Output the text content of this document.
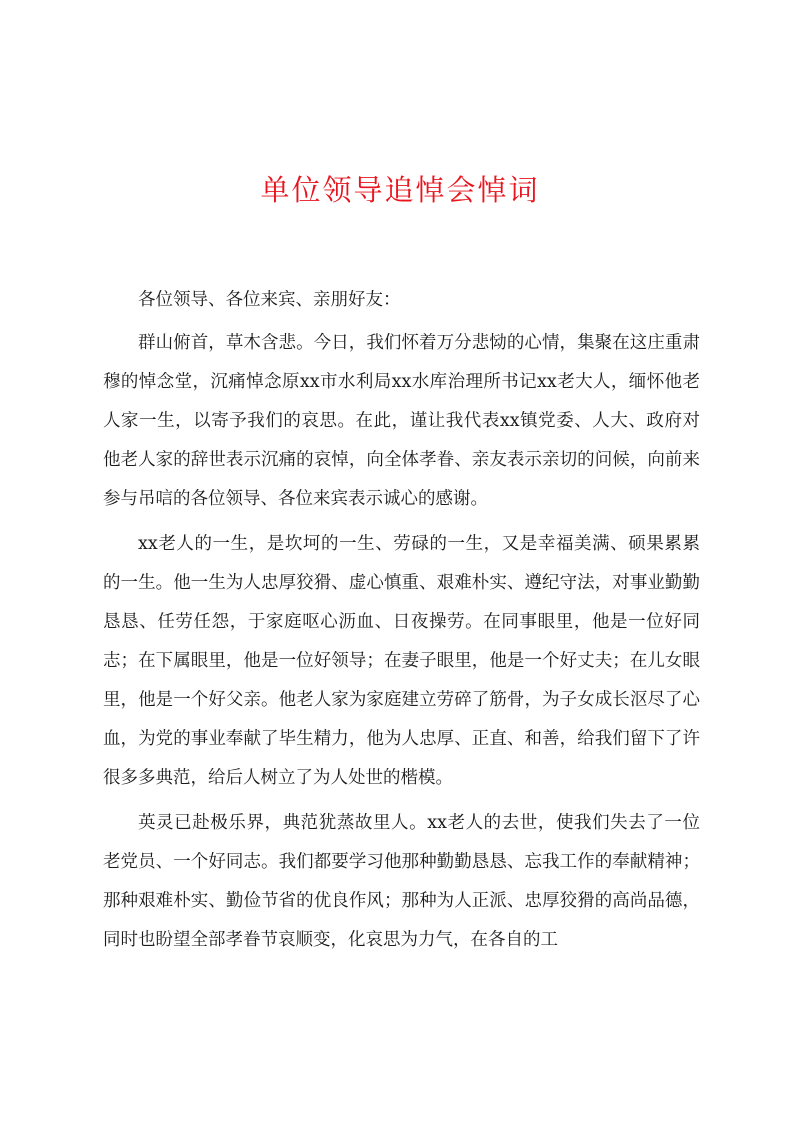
单位领导追悼会悼词

各位领导、各位来宾、亲朋好友：

群山俯首，草木含悲。今日，我们怀着万分悲恸的心情，集聚在这庄重肃穆的悼念堂，沉痛悼念原xx市水利局xx水库治理所书记xx老大人，缅怀他老人家一生，以寄予我们的哀思。在此，谨让我代表xx镇党委、人大、政府对他老人家的辞世表示沉痛的哀悼，向全体孝眷、亲友表示亲切的问候，向前来参与吊唁的各位领导、各位来宾表示诚心的感谢。

xx老人的一生，是坎坷的一生、劳碌的一生，又是幸福美满、硕果累累的一生。他一生为人忠厚狡猾、虚心慎重、艰难朴实、遵纪守法，对事业勤勤恳恳、任劳任怨，于家庭呕心沥血、日夜操劳。在同事眼里，他是一位好同志；在下属眼里，他是一位好领导；在妻子眼里，他是一个好丈夫；在儿女眼里，他是一个好父亲。他老人家为家庭建立劳碎了筋骨，为子女成长沤尽了心血，为党的事业奉献了毕生精力，他为人忠厚、正直、和善，给我们留下了许很多多典范，给后人树立了为人处世的楷模。

英灵已赴极乐界，典范犹蒸故里人。xx老人的去世，使我们失去了一位老党员、一个好同志。我们都要学习他那种勤勤恳恳、忘我工作的奉献精神；那种艰难朴实、勤俭节省的优良作风；那种为人正派、忠厚狡猾的高尚品德，同时也盼望全部孝眷节哀顺变，化哀思为力气，在各自的工
